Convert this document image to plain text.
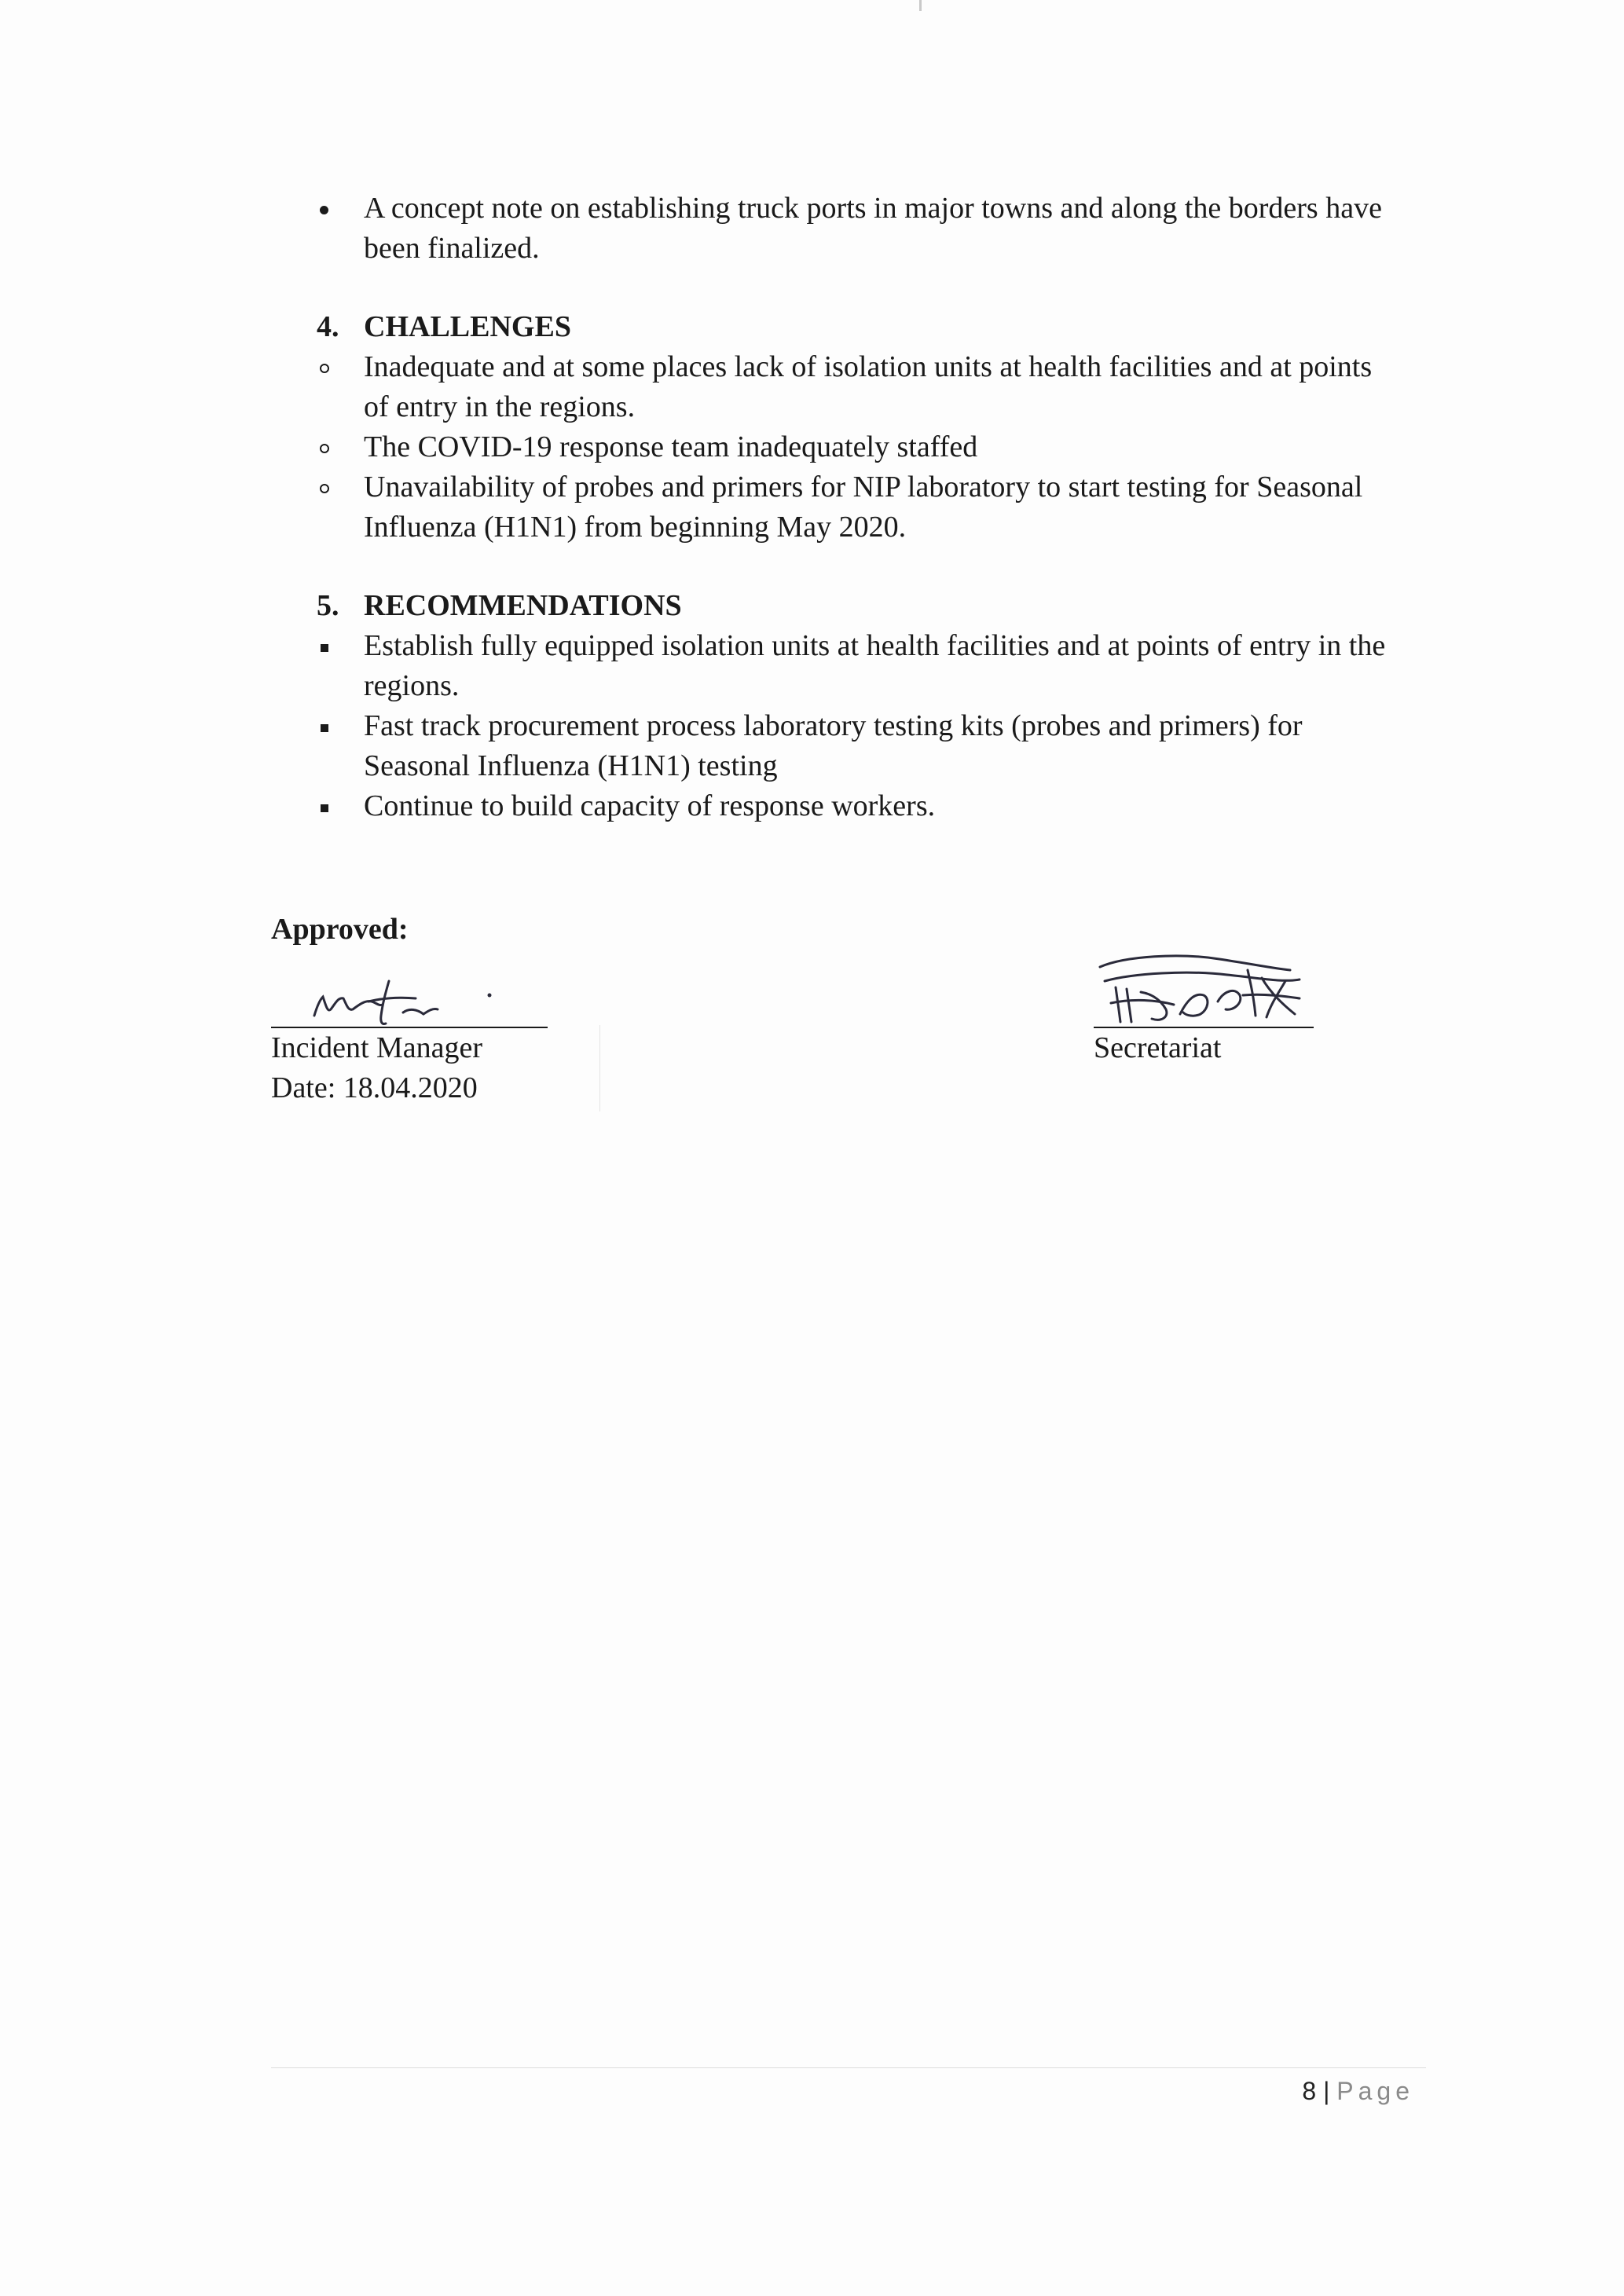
A concept note on establishing truck ports in major towns and along the borders have
been finalized.
4. CHALLENGES
Inadequate and at some places lack of isolation units at health facilities and at points
of entry in the regions.
The COVID-19 response team inadequately staffed
Unavailability of probes and primers for NIP laboratory to start testing for Seasonal
Influenza (H1N1) from beginning May 2020.
5. RECOMMENDATIONS
Establish fully equipped isolation units at health facilities and at points of entry in the
regions.
Fast track procurement process laboratory testing kits (probes and primers) for
Seasonal Influenza (H1N1) testing
Continue to build capacity of response workers.
Approved:
Incident Manager
Date: 18.04.2020
Secretariat
8 | Page
